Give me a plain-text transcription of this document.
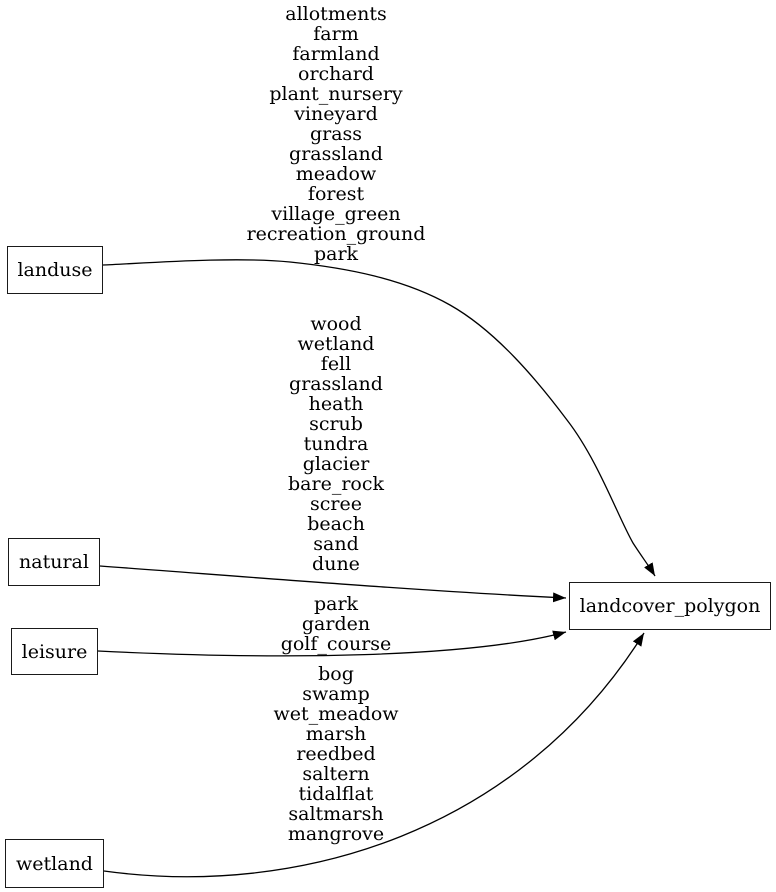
allotments
farm
farmland
orchard
plant_nursery
vineyard
grass
grassland
meadow
forest
village_green
recreation_ground
park
wood
wetland
fell
grassland
heath
scrub
tundra
glacier
bare_rock
scree
beach
sand
dune
park
garden
golf_course
bog
swamp
wet_meadow
marsh
reedbed
saltern
tidalflat
saltmarsh
mangrove
landuse
natural
leisure
wetland
landcover_polygon
